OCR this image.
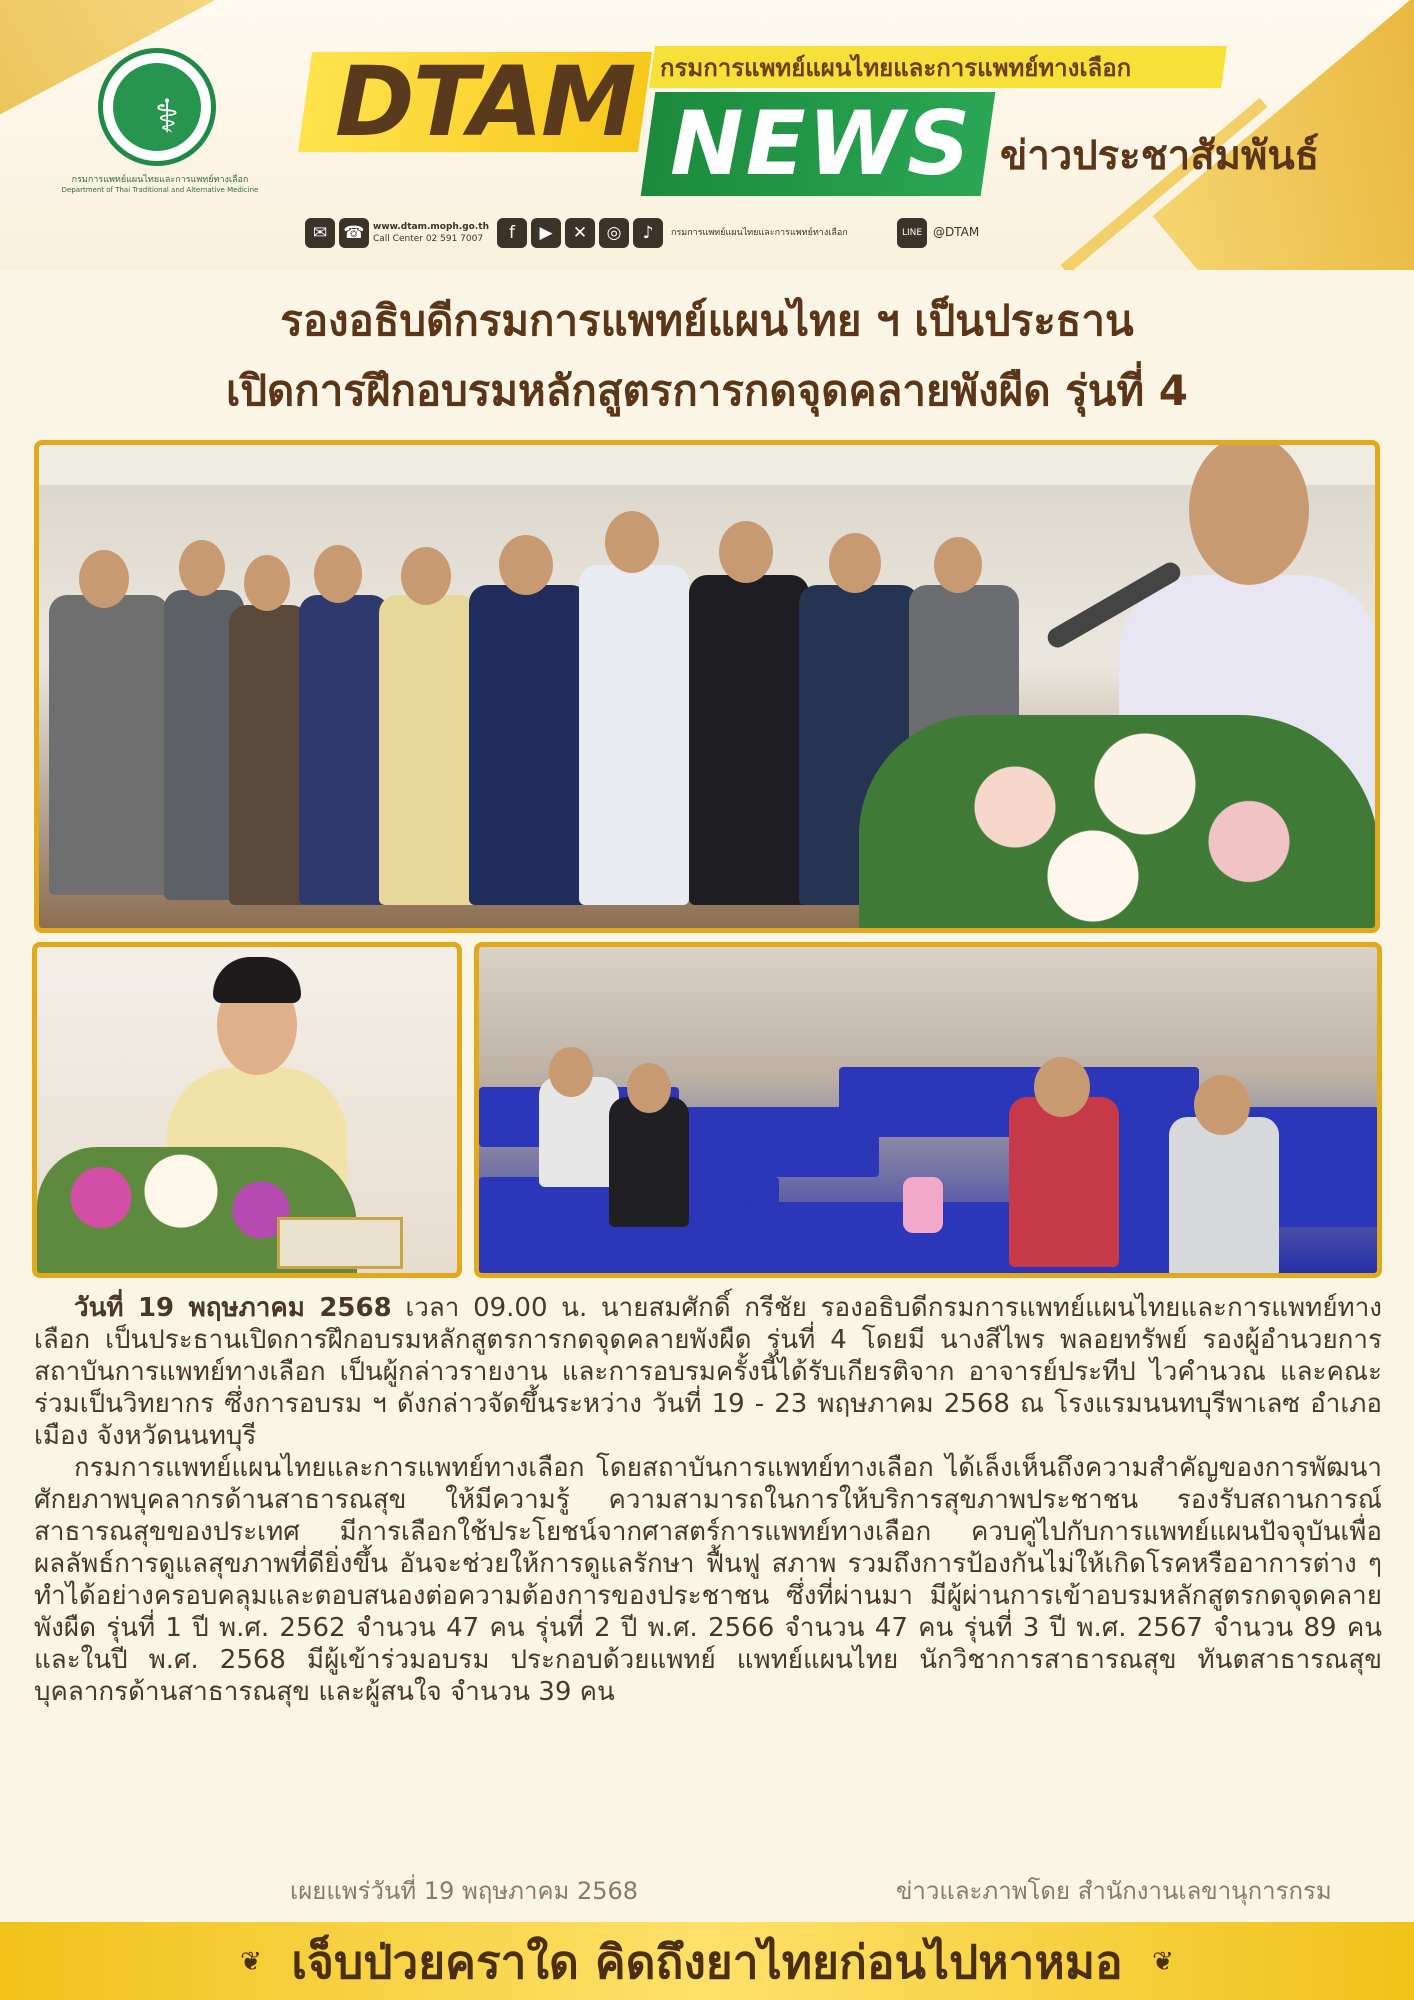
⚕
กรมการแพทย์แผนไทยและการแพทย์ทางเลือก
Department of Thai Traditional and Alternative Medicine
DTAM	กรมการแพทย์แผนไทยและการแพทย์ทางเลือก
NEWS ข่าวประชาสัมพันธ์
✉ ☎ www.dtam.moph.go.th
Call Center 02 591 7007	f	▶	✕	◎	♪	กรมการแพทย์แผนไทยและการแพทย์ทางเลือก	LINE @DTAM
รองอธิบดีกรมการแพทย์แผนไทย ฯ เป็นประธาน
เปิดการฝึกอบรมหลักสูตรการกดจุดคลายพังผืด รุ่นที่ 4

วันที่ 19 พฤษภาคม 2568 เวลา 09.00 น. นายสมศักดิ์ กรีชัย รองอธิบดีกรมการแพทย์แผนไทยและการแพทย์ทางเลือก เป็นประธานเปิดการฝึกอบรมหลักสูตรการกดจุดคลายพังผืด รุ่นที่ 4 โดยมี นางสีไพร พลอยทรัพย์ รองผู้อำนวยการสถาบันการแพทย์ทางเลือก เป็นผู้กล่าวรายงาน และการอบรมครั้งนี้ได้รับเกียรติจาก อาจารย์ประทีป ไวคำนวณ และคณะ ร่วมเป็นวิทยากร ซึ่งการอบรม ฯ ดังกล่าวจัดขึ้นระหว่าง วันที่ 19 - 23 พฤษภาคม 2568 ณ โรงแรมนนทบุรีพาเลซ อำเภอเมือง จังหวัดนนทบุรี

กรมการแพทย์แผนไทยและการแพทย์ทางเลือก โดยสถาบันการแพทย์ทางเลือก ได้เล็งเห็นถึงความสำคัญของการพัฒนาศักยภาพบุคลากรด้านสาธารณสุข ให้มีความรู้ ความสามารถในการให้บริการสุขภาพประชาชน รองรับสถานการณ์สาธารณสุขของประเทศ มีการเลือกใช้ประโยชน์จากศาสตร์การแพทย์ทางเลือก ควบคู่ไปกับการแพทย์แผนปัจจุบันเพื่อผลลัพธ์การดูแลสุขภาพที่ดียิ่งขึ้น อันจะช่วยให้การดูแลรักษา ฟื้นฟู สภาพ รวมถึงการป้องกันไม่ให้เกิดโรคหรืออาการต่าง ๆ ทำได้อย่างครอบคลุมและตอบสนองต่อความต้องการของประชาชน ซึ่งที่ผ่านมา มีผู้ผ่านการเข้าอบรมหลักสูตรกดจุดคลายพังผืด รุ่นที่ 1 ปี พ.ศ. 2562 จำนวน 47 คน รุ่นที่ 2 ปี พ.ศ. 2566 จำนวน 47 คน รุ่นที่ 3 ปี พ.ศ. 2567 จำนวน 89 คน และในปี พ.ศ. 2568 มีผู้เข้าร่วมอบรม ประกอบด้วยแพทย์ แพทย์แผนไทย นักวิชาการสาธารณสุข ทันตสาธารณสุข บุคลากรด้านสาธารณสุข และผู้สนใจ จำนวน 39 คน

เผยแพร่วันที่ 19 พฤษภาคม 2568	ข่าวและภาพโดย สำนักงานเลขานุการกรม
❦ เจ็บป่วยคราใด คิดถึงยาไทยก่อนไปหาหมอ	❦
